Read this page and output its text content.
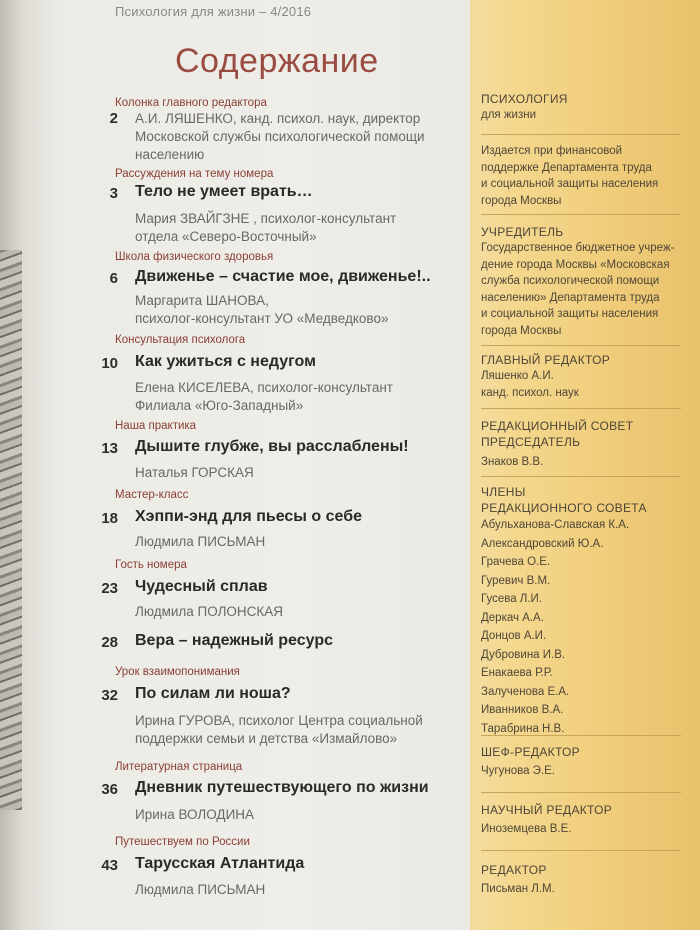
Психология для жизни – 4/2016
Содержание
Колонка главного редактора
2 А.И. ЛЯШЕНКО, канд. психол. наук, директор
Московской службы психологической помощи
населению
Рассуждения на тему номера
3 Тело не умеет врать…
Мария ЗВАЙГЗНЕ , психолог-консультант
отдела «Северо-Восточный»
Школа физического здоровья
6 Движенье – счастие мое, движенье!..
Маргарита ШАНОВА,
психолог-консультант УО «Медведково»
Консультация психолога
10 Как ужиться с недугом
Елена КИСЕЛЕВА, психолог-консультант
Филиала «Юго-Западный»
Наша практика
13 Дышите глубже, вы расслаблены!
Наталья ГОРСКАЯ
Мастер-класс
18 Хэппи-энд для пьесы о себе
Людмила ПИСЬМАН
Гость номера
23 Чудесный сплав
Людмила ПОЛОНСКАЯ
28 Вера – надежный ресурс
Урок взаимопонимания
32 По силам ли ноша?
Ирина ГУРОВА, психолог Центра социальной
поддержки семьи и детства «Измайлово»
Литературная страница
36 Дневник путешествующего по жизни
Ирина ВОЛОДИНА
Путешествуем по России
43 Тарусская Атлантида
Людмила ПИСЬМАН
ПСИХОЛОГИЯ
для жизни
Издается при финансовой
поддержке Департамента труда
и социальной защиты населения
города Москвы
УЧРЕДИТЕЛЬ
Государственное бюджетное учреж-
дение города Москвы «Московская
служба психологической помощи
населению» Департамента труда
и социальной защиты населения
города Москвы
ГЛАВНЫЙ РЕДАКТОР
Ляшенко А.И.
канд. психол. наук
РЕДАКЦИОННЫЙ СОВЕТ
ПРЕДСЕДАТЕЛЬ
Знаков В.В.
ЧЛЕНЫ
РЕДАКЦИОННОГО СОВЕТА
Абульханова-Славская К.А.
Александровский Ю.А.
Грачева О.Е.
Гуревич В.М.
Гусева Л.И.
Деркач А.А.
Донцов А.И.
Дубровина И.В.
Енакаева Р.Р.
Залученова Е.А.
Иванников В.А.
Тарабрина Н.В.
ШЕФ-РЕДАКТОР
Чугунова Э.Е.
НАУЧНЫЙ РЕДАКТОР
Иноземцева В.Е.
РЕДАКТОР
Письман Л.М.
